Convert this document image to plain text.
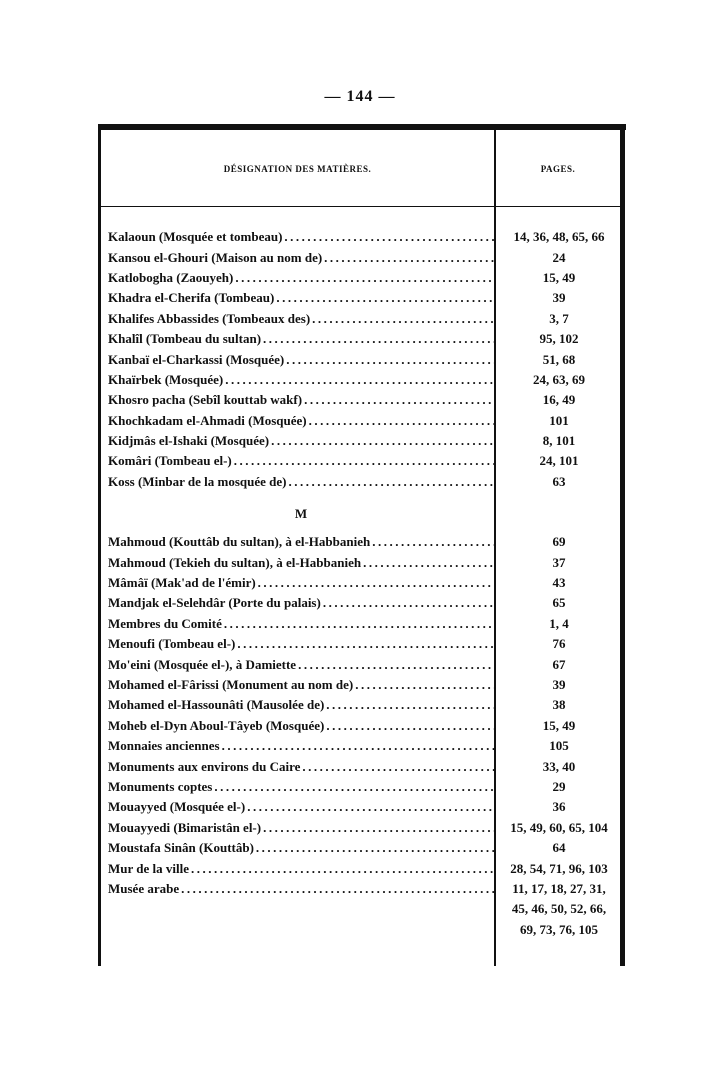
— 144 —
DÉSIGNATION DES MATIÈRES.	PAGES.
Kalaoun (Mosquée et tombeau) .....	14, 36, 48, 65, 66
Kansou el-Ghouri (Maison au nom de) .....	24
Katlobogha (Zaouyeh) .....	15, 49
Khadra el-Cherifa (Tombeau) .....	39
Khalifes Abbassides (Tombeaux des) .....	3, 7
Khalîl (Tombeau du sultan) .....	95, 102
Kanbaï el-Charkassi (Mosquée) .....	51, 68
Khaïrbek (Mosquée) .....	24, 63, 69
Khosro pacha (Sebîl kouttab wakf) .....	16, 49
Khochkadam el-Ahmadi (Mosquée) .....	101
Kidjmâs el-Ishaki (Mosquée) .....	8, 101
Komâri (Tombeau el-) .....	24, 101
Koss (Minbar de la mosquée de) .....	63
M
Mahmoud (Kouttâb du sultan), à el-Habbanieh .....	69
Mahmoud (Tekieh du sultan), à el-Habbanieh .....	37
Mâmâï (Mak'ad de l'émir) .....	43
Mandjak el-Selehdâr (Porte du palais) .....	65
Membres du Comité .....	1, 4
Menoufi (Tombeau el-) .....	76
Mo'eini (Mosquée el-), à Damiette .....	67
Mohamed el-Fârissi (Monument au nom de) .....	39
Mohamed el-Hassounâti (Mausolée de) .....	38
Moheb el-Dyn Aboul-Tâyeb (Mosquée) .....	15, 49
Monnaies anciennes .....	105
Monuments aux environs du Caire .....	33, 40
Monuments coptes .....	29
Mouayyed (Mosquée el-) .....	36
Mouayyedi (Bimaristân el-) .....	15, 49, 60, 65, 104
Moustafa Sinân (Kouttâb) .....	64
Mur de la ville .....	28, 54, 71, 96, 103
Musée arabe .....	11, 17, 18, 27, 31,
45, 46, 50, 52, 66,
69, 73, 76, 105
